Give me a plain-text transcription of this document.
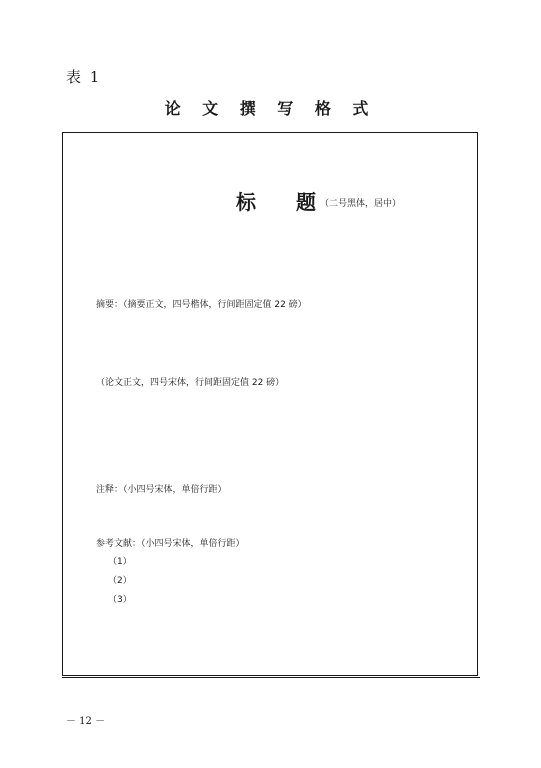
表 1
论 文 撰 写 格 式
标 题 （二号黑体，居中）
摘要：（摘要正文，四号楷体，行间距固定值 22 磅）
（论文正文，四号宋体，行间距固定值 22 磅）
注释：（小四号宋体，单倍行距）
参考文献：（小四号宋体，单倍行距）
（1）
（2）
（3）
－ 12 －
